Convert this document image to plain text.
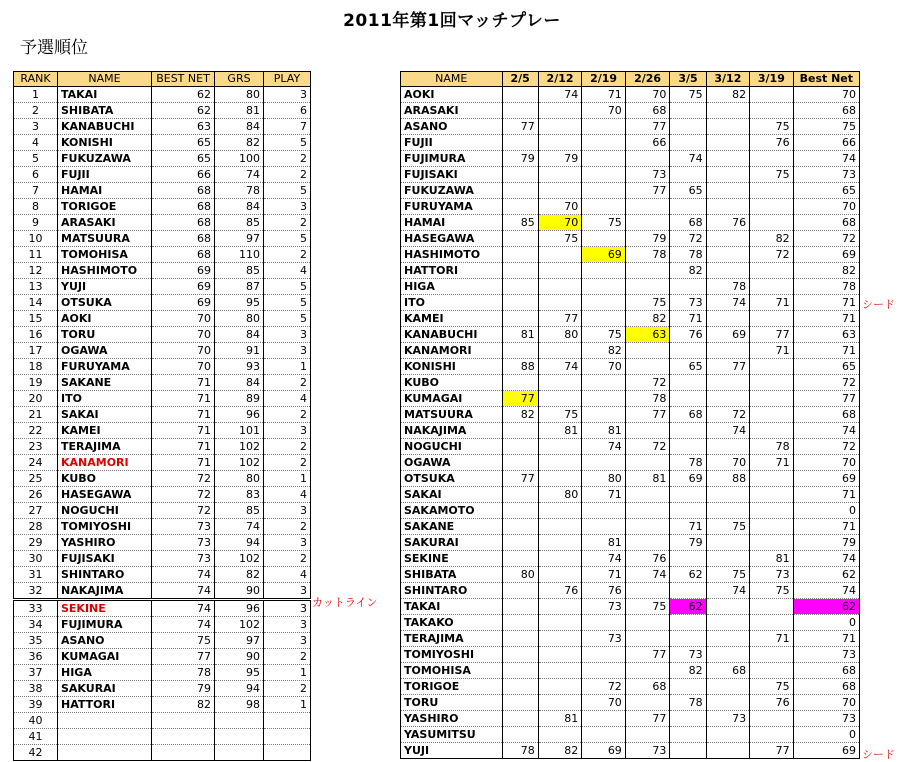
2011年第1回マッチプレー
予選順位
RANK	NAME	BEST NET	GRS	PLAY
1	TAKAI	62	80	3
2	SHIBATA	62	81	6
3	KANABUCHI	63	84	7
4	KONISHI	65	82	5
5	FUKUZAWA	65	100	2
6	FUJII	66	74	2
7	HAMAI	68	78	5
8	TORIGOE	68	84	3
9	ARASAKI	68	85	2
10	MATSUURA	68	97	5
11	TOMOHISA	68	110	2
12	HASHIMOTO	69	85	4
13	YUJI	69	87	5
14	OTSUKA	69	95	5
15	AOKI	70	80	5
16	TORU	70	84	3
17	OGAWA	70	91	3
18	FURUYAMA	70	93	1
19	SAKANE	71	84	2
20	ITO	71	89	4
21	SAKAI	71	96	2
22	KAMEI	71	101	3
23	TERAJIMA	71	102	2
24	KANAMORI	71	102	2
25	KUBO	72	80	1
26	HASEGAWA	72	83	4
27	NOGUCHI	72	85	3
28	TOMIYOSHI	73	74	2
29	YASHIRO	73	94	3
30	FUJISAKI	73	102	2
31	SHINTARO	74	82	4
32	NAKAJIMA	74	90	3
33	SEKINE	74	96	3
34	FUJIMURA	74	102	3
35	ASANO	75	97	3
36	KUMAGAI	77	90	2
37	HIGA	78	95	1
38	SAKURAI	79	94	2
39	HATTORI	82	98	1
40				
41				
42				
NAME	2/5	2/12	2/19	2/26	3/5	3/12	3/19	Best Net
AOKI		74	71	70	75	82		70
ARASAKI			70	68				68
ASANO	77			77			75	75
FUJII				66			76	66
FUJIMURA	79	79			74			74
FUJISAKI				73			75	73
FUKUZAWA				77	65			65
FURUYAMA		70						70
HAMAI	85	70	75		68	76		68
HASEGAWA		75		79	72		82	72
HASHIMOTO			69	78	78		72	69
HATTORI					82			82
HIGA						78		78
ITO				75	73	74	71	71
KAMEI		77		82	71			71
KANABUCHI	81	80	75	63	76	69	77	63
KANAMORI			82				71	71
KONISHI	88	74	70		65	77		65
KUBO				72				72
KUMAGAI	77			78				77
MATSUURA	82	75		77	68	72		68
NAKAJIMA		81	81			74		74
NOGUCHI			74	72			78	72
OGAWA					78	70	71	70
OTSUKA	77		80	81	69	88		69
SAKAI		80	71					71
SAKAMOTO								0
SAKANE					71	75		71
SAKURAI			81		79			79
SEKINE			74	76			81	74
SHIBATA	80		71	74	62	75	73	62
SHINTARO		76	76			74	75	74
TAKAI			73	75	62			62
TAKAKO								0
TERAJIMA			73				71	71
TOMIYOSHI				77	73			73
TOMOHISA					82	68		68
TORIGOE			72	68			75	68
TORU			70		78		76	70
YASHIRO		81		77		73		73
YASUMITSU								0
YUJI	78	82	69	73			77	69
カットライン
シード
シード
